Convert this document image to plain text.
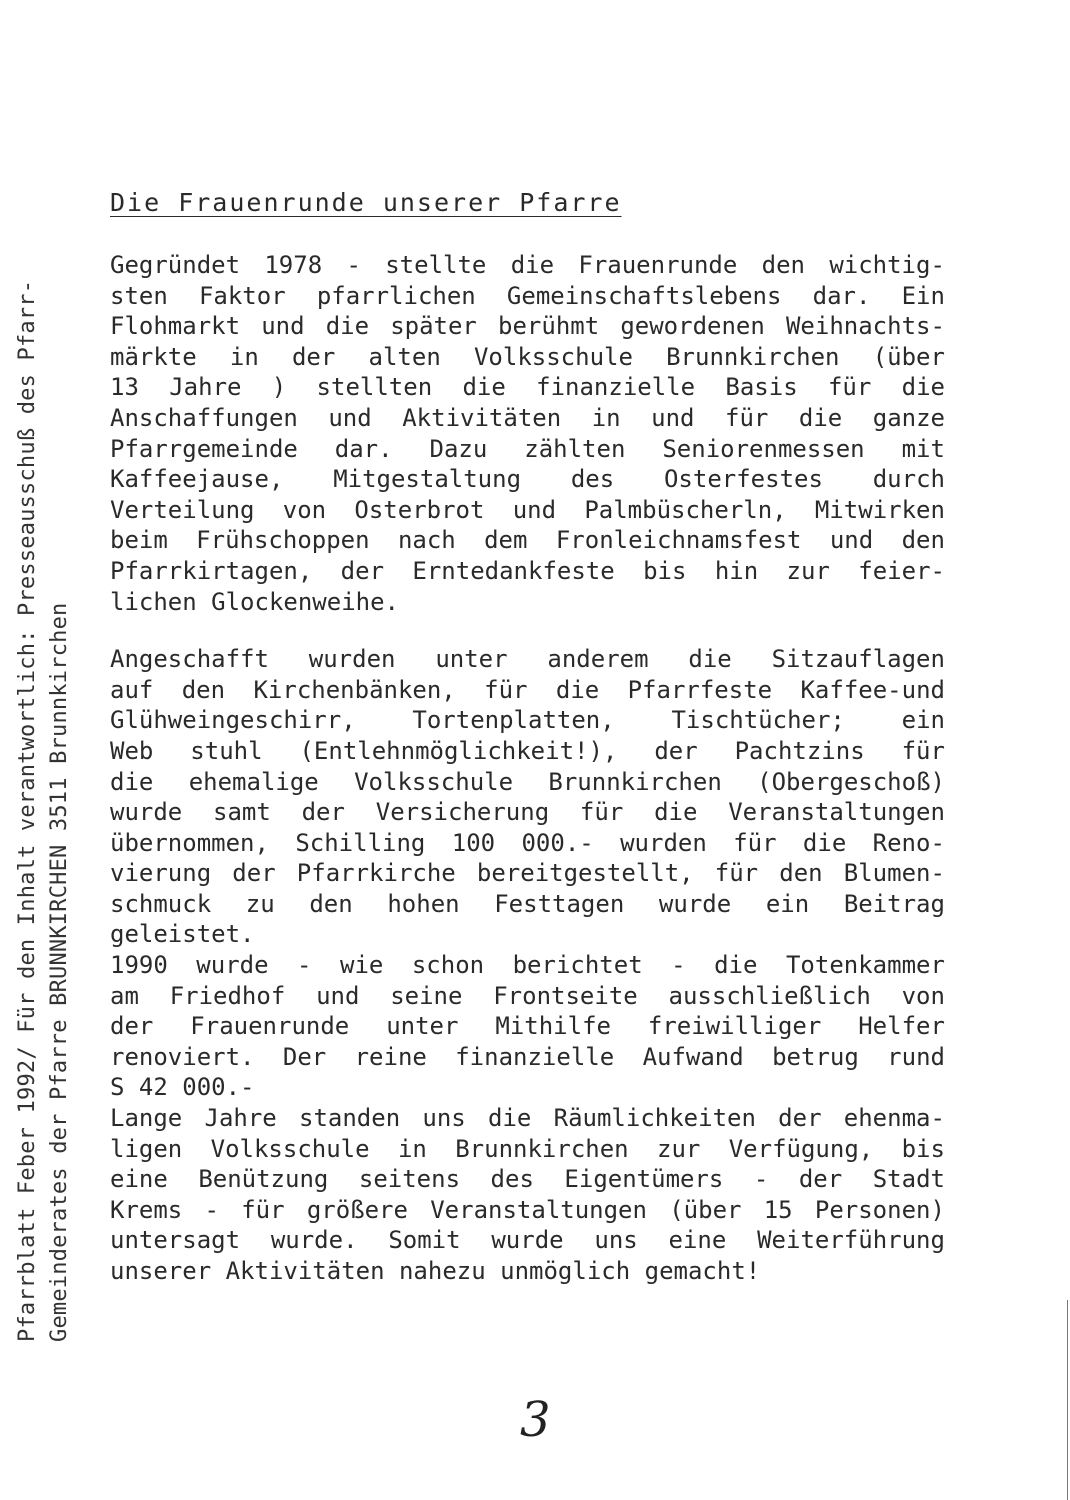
Pfarrblatt Feber 1992/ Für den Inhalt verantwortlich: Presseausschuß des Pfarr- Gemeinderates der Pfarre BRUNNKIRCHEN 3511 Brunnkirchen
Die Frauenrunde unserer Pfarre
Gegründet 1978 - stellte die Frauenrunde den wichtig-
sten Faktor pfarrlichen Gemeinschaftslebens dar. Ein
Flohmarkt und die später berühmt gewordenen Weihnachts-
märkte in der alten Volksschule Brunnkirchen (über
13 Jahre ) stellten die finanzielle Basis für die
Anschaffungen und Aktivitäten in und für die ganze
Pfarrgemeinde dar. Dazu zählten Seniorenmessen mit
Kaffeejause, Mitgestaltung des Osterfestes durch
Verteilung von Osterbrot und Palmbüscherln, Mitwirken
beim Frühschoppen nach dem Fronleichnamsfest und den
Pfarrkirtagen, der Erntedankfeste bis hin zur feier-
lichen Glockenweihe.
Angeschafft wurden unter anderem die Sitzauflagen
auf den Kirchenbänken, für die Pfarrfeste Kaffee-und
Glühweingeschirr, Tortenplatten, Tischtücher; ein
Web stuhl (Entlehnmöglichkeit!), der Pachtzins für
die ehemalige Volksschule Brunnkirchen (Obergeschoß)
wurde samt der Versicherung für die Veranstaltungen
übernommen, Schilling 100 000.- wurden für die Reno-
vierung der Pfarrkirche bereitgestellt, für den Blumen-
schmuck zu den hohen Festtagen wurde ein Beitrag
geleistet.
1990 wurde - wie schon berichtet - die Totenkammer
am Friedhof und seine Frontseite ausschließlich von
der Frauenrunde unter Mithilfe freiwilliger Helfer
renoviert. Der reine finanzielle Aufwand betrug rund
S 42 000.-
Lange Jahre standen uns die Räumlichkeiten der ehenma-
ligen Volksschule in Brunnkirchen zur Verfügung, bis
eine Benützung seitens des Eigentümers - der Stadt
Krems - für größere Veranstaltungen (über 15 Personen)
untersagt wurde. Somit wurde uns eine Weiterführung
unserer Aktivitäten nahezu unmöglich gemacht!
3
